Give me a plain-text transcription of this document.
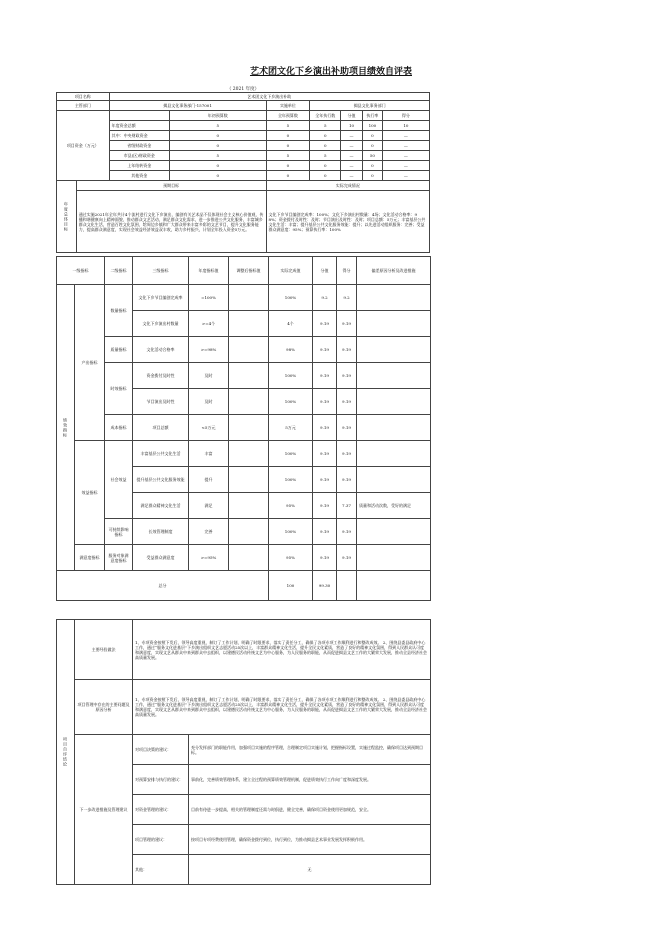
艺术团文化下乡演出补助项目绩效自评表
（ 2021 年度）
项目名称		艺术团文化下乡演出补助						
主管部门		揭县文化事务部门-157001		实施单位	揭县文化事务部门			
项目资金（万元）			年初预算数	全年预算数	全年执行数	分值	执行率	得分
		年度资金总额	5	5	5	10	100	10
		其中：中央财政资金	0	0	0	—	0	—
		省级财政资金	0	0	0	—	0	—
		市县(区)财政资金	5	5	5	—	50	—
		上年结转资金	0	0	0	—	0	—
		其他资金	0	0	0	—	0	—
年度总体目标	预期目标			实际完成情况				
	通过实施2021年全年共计4个流村进行文化下乡演出，编创有关艺术品不仅体现社会主义核心价值观，传播和谐健康向上精神面貌，推动群众文艺活动，满足群众文化需求，进一步推进公共文化服务，丰富城乡群众文化生活，营造百姓文化氛围，给周边乡镇和广大群众带来丰富多彩的文艺节目，提升文化服务能力，提高群众满意度，实现社会效益经济效益双丰收，助力乡村振兴，计划全年投入资金5万元。			文化下乡节目编创完成率：100%；文化下乡演出村数量：4场；文化活动合格率：98%；资金拨付及时性：及时；节目演出及时性：及时；项目总额：5万元；丰富基层公共文化生活：丰富；提升基层公共文化服务效能：提升；以先进活动组织服务：完善；受益群众满意度：95%；预算执行率：100%				
一级指标		二级指标	三级指标	年度指标值	调整后指标值	实际完成值	分值	得分	偏差原因分析及改进措施
绩效指标	产出指标	数量指标	文化下乡节目编创完成率	=100%		100%	9.2	9.2	
			文化下乡演出村数量	>=4个		4个	9.19	9.19	
		质量指标	文化活动合格率	>=98%		98%	9.19	9.19	
		时效指标	资金拨付及时性	及时		100%	9.19	9.19	
			节目演出及时性	及时		100%	9.19	9.19	
		成本指标	项目总额	<5万元		5万元	9.19	9.19	
	效益指标	社会效益	丰富基层公共文化生活	丰富		100%	9.19	9.19	
			提升基层公共文化服务效能	提升		100%	9.19	9.19	
			满足群众精神文化生活	满足		95%	9.19	7.37	质量和活动次数，受好的满足
		可持续影响指标	长效管理制度	完善		100%	9.19	9.19	
	满意度指标	服务对象满意度指标	受益群众满意度	>=95%		95%	9.19	9.19	
总分						100	99.30		
项目自评结论	主要经验做法	1、专项资金按照下发后，领导高度重视，制订了工作计划，明确了时限要求，落实了责任分工，确保了各项专项工作顺利进行和整改成效。 2、围绕县委县政府中心工作，通过“服务文化进基层”下乡演出组织文艺志愿活动25次以上，丰富群众精神文化生活，提升全民文化素质，营造了良好的精神文化氛围，得到人民群众认可度和满意度，实现文艺从群众中来到群众中去组织，以建德民活动传统文艺为中心服务，为人民服务的职能，从而促进揭县文艺工作的大繁荣大发展，推动全县经济社会高质量发展。	
	项目管理中存在的主要问题及原因分析	1、专项资金按照下发后，领导高度重视，制订了工作计划，明确了时限要求，落实了责任分工，确保了各项专项工作顺利进行和整改成效。 2、围绕县委县政府中心工作，通过“服务文化进基层”下乡演出组织文艺志愿活动25次以上，丰富群众精神文化生活，提升全民文化素质，营造了良好的精神文化氛围，得到人民群众认可度和满意度，实现文艺从群众中来到群众中去组织，以建德民活动传统文艺为中心服务，为人民服务的职能，从而促进揭县文艺工作的大繁荣大发展，推动全县经济社会高质量发展。	
	下一步改进措施及管理建议	对项目决策的建议：	充分发挥部门的职能作用，加强项目实施的程序管理，合理制定项目实施计划，把握指标设置，实施过程监控，确保项目达到预期目标。
		对预算安排与执行的建议：	事前化，完善绩效管理体系，建立全过程的预算绩效管理机制，促进绩效执行工作向广度和深度发展。
		对资金管理的建议：	目前有待进一步提高，相关的管理制度还需与时俱进，健全完善，确保项目资金使用更加规范，安全。
		项目管理的建议：	按项目专项经费使用管理，确保资金拨付到位，执行到位，为推动揭县艺术事业发展发挥积极作用。
		其他：	无
